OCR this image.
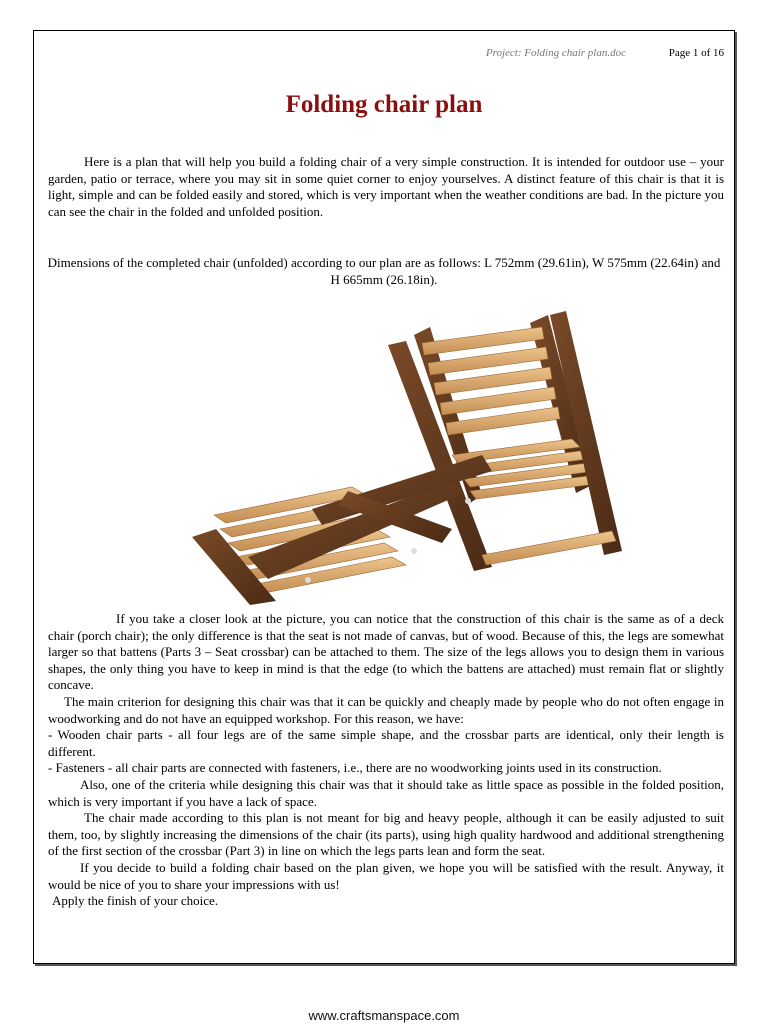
Project: Folding chair plan.doc	Page 1 of 16
Folding chair plan
Here is a plan that will help you build a folding chair of a very simple construction. It is intended for outdoor use – your garden, patio or terrace, where you may sit in some quiet corner to enjoy yourselves. A distinct feature of this chair is that it is light, simple and can be folded easily and stored, which is very important when the weather conditions are bad. In the picture you can see the chair in the folded and unfolded position.
Dimensions of the completed chair (unfolded) according to our plan are as follows: L 752mm (29.61in), W 575mm (22.64in) and H 665mm (26.18in).

If you take a closer look at the picture, you can notice that the construction of this chair is the same as of a deck chair (porch chair); the only difference is that the seat is not made of canvas, but of wood. Because of this, the legs are somewhat larger so that battens (Parts 3 – Seat crossbar) can be attached to them. The size of the legs allows you to design them in various shapes, the only thing you have to keep in mind is that the edge (to which the battens are attached) must remain flat or slightly concave.

The main criterion for designing this chair was that it can be quickly and cheaply made by people who do not often engage in woodworking and do not have an equipped workshop. For this reason, we have:

- Wooden chair parts - all four legs are of the same simple shape, and the crossbar parts are identical, only their length is different.

- Fasteners - all chair parts are connected with fasteners, i.e., there are no woodworking joints used in its construction.

Also, one of the criteria while designing this chair was that it should take as little space as possible in the folded position, which is very important if you have a lack of space.

The chair made according to this plan is not meant for big and heavy people, although it can be easily adjusted to suit them, too, by slightly increasing the dimensions of the chair (its parts), using high quality hardwood and additional strengthening of the first section of the crossbar (Part 3) in line on which the legs parts lean and form the seat.

If you decide to build a folding chair based on the plan given, we hope you will be satisfied with the result. Anyway, it would be nice of you to share your impressions with us!

Apply the finish of your choice.

www.craftsmanspace.com
